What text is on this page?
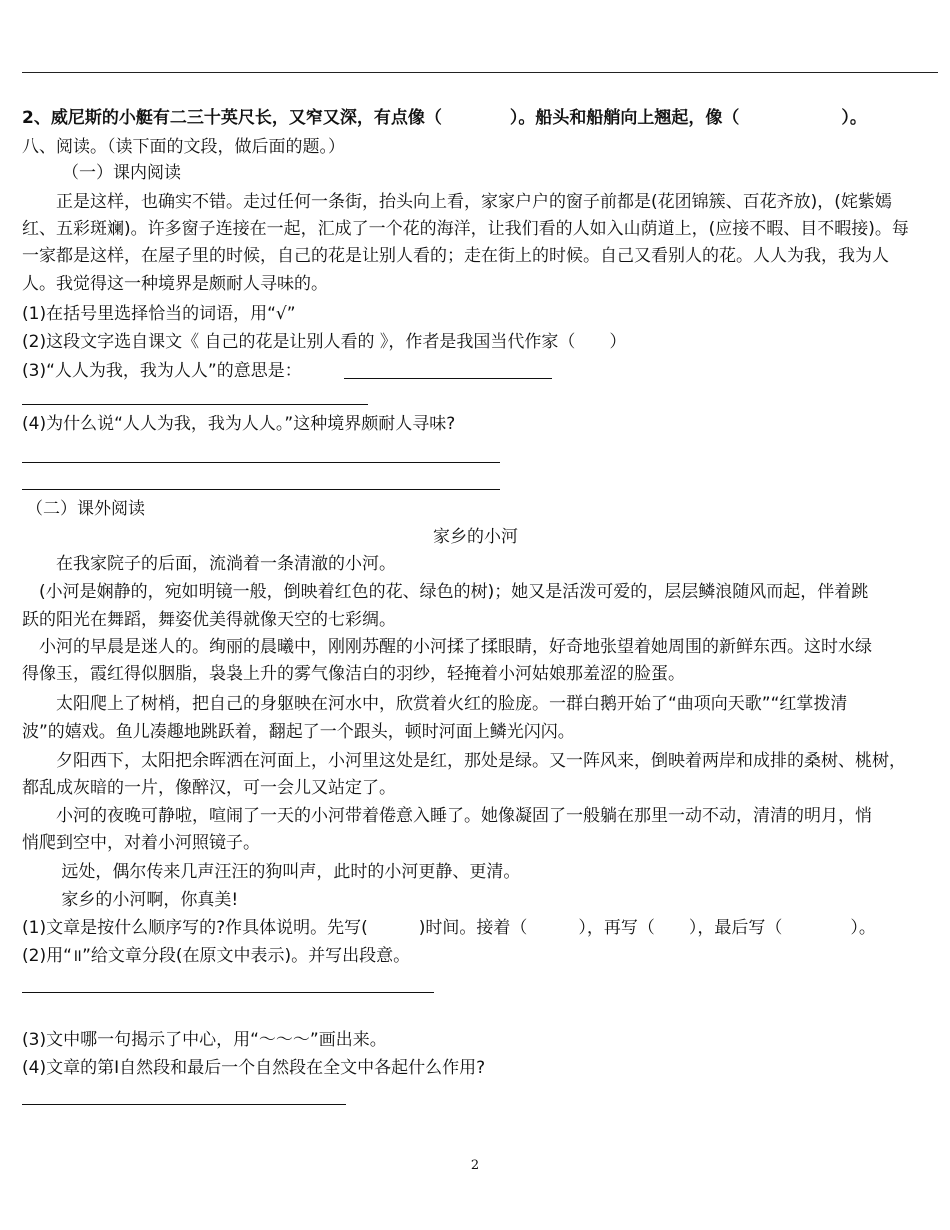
2、威尼斯的小艇有二三十英尺长，又窄又深，有点像（　　　　）。船头和船艄向上翘起，像（　　　　　　）。
八、阅读。（读下面的文段，做后面的题。）
（一）课内阅读
　　正是这样，也确实不错。走过任何一条街，抬头向上看，家家户户的窗子前都是(花团锦簇、百花齐放)，(姹紫嫣
红、五彩斑斓)。许多窗子连接在一起，汇成了一个花的海洋，让我们看的人如入山荫道上，(应接不暇、目不暇接)。每
一家都是这样，在屋子里的时候，自己的花是让别人看的；走在街上的时候。自己又看别人的花。人人为我，我为人
人。我觉得这一种境界是颇耐人寻味的。
(1)在括号里选择恰当的词语，用“√”
(2)这段文字选自课文《 自己的花是让别人看的 》，作者是我国当代作家（　　）
(3)“人人为我，我为人人”的意思是：
(4)为什么说“人人为我，我为人人。”这种境界颇耐人寻味?
（二）课外阅读
家乡的小河
　　在我家院子的后面，流淌着一条清澈的小河。
　(小河是娴静的，宛如明镜一般，倒映着红色的花、绿色的树)；她又是活泼可爱的，层层鳞浪随风而起，伴着跳
跃的阳光在舞蹈，舞姿优美得就像天空的七彩绸。
　小河的早晨是迷人的。绚丽的晨曦中，刚刚苏醒的小河揉了揉眼睛，好奇地张望着她周围的新鲜东西。这时水绿
得像玉，霞红得似胭脂，袅袅上升的雾气像洁白的羽纱，轻掩着小河姑娘那羞涩的脸蛋。
　　太阳爬上了树梢，把自己的身躯映在河水中，欣赏着火红的脸庞。一群白鹅开始了“曲项向天歌”“红掌拨清
波”的嬉戏。鱼儿凑趣地跳跃着，翻起了一个跟头，顿时河面上鳞光闪闪。
　　夕阳西下，太阳把余晖洒在河面上，小河里这处是红，那处是绿。又一阵风来，倒映着两岸和成排的桑树、桃树，
都乱成灰暗的一片，像醉汉，可一会儿又站定了。
　　小河的夜晚可静啦，喧闹了一天的小河带着倦意入睡了。她像凝固了一般躺在那里一动不动，清清的明月，悄
悄爬到空中，对着小河照镜子。
　　 远处，偶尔传来几声汪汪的狗叫声，此时的小河更静、更清。
　　 家乡的小河啊，你真美!
(1)文章是按什么顺序写的?作具体说明。先写(　　　)时间。接着（　　　），再写（　　），最后写（　　　　）。
(2)用“॥”给文章分段(在原文中表示)。并写出段意。
(3)文中哪一句揭示了中心，用“～～～”画出来。
(4)文章的第Ⅰ自然段和最后一个自然段在全文中各起什么作用?
2
